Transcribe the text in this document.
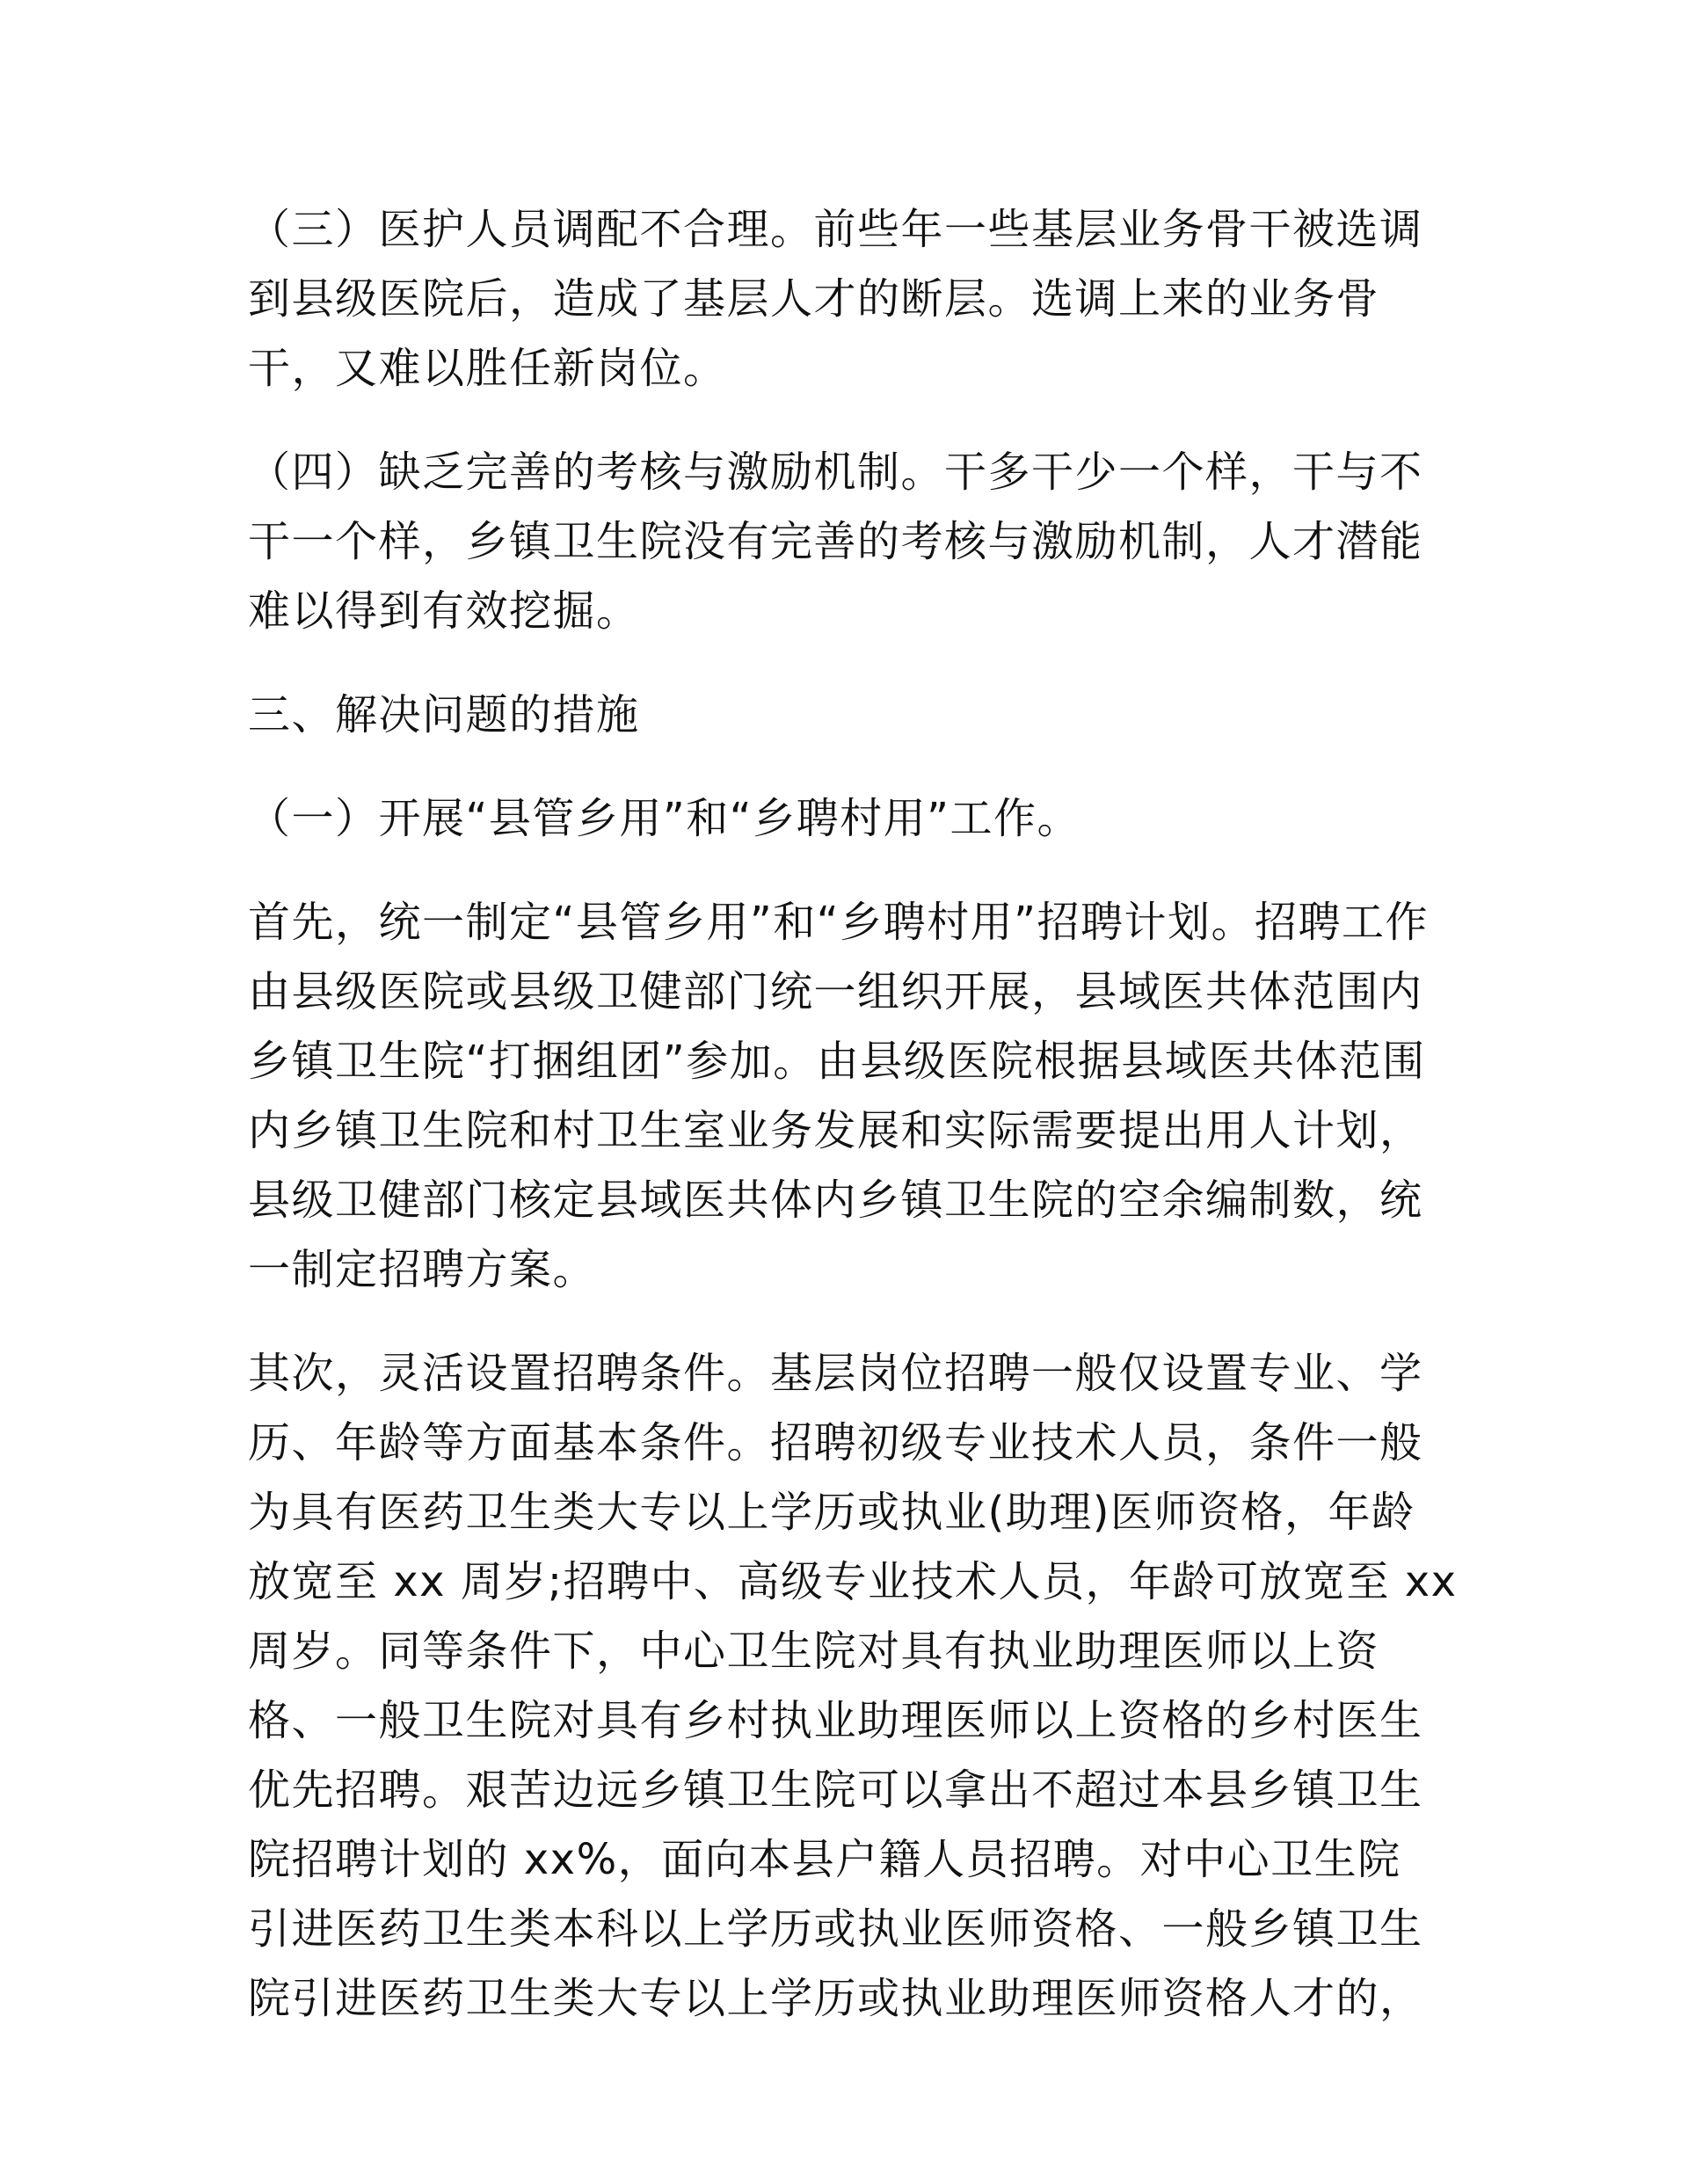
（三）医护人员调配不合理。前些年一些基层业务骨干被选调
到县级医院后，造成了基层人才的断层。选调上来的业务骨
干，又难以胜任新岗位。

（四）缺乏完善的考核与激励机制。干多干少一个样，干与不
干一个样，乡镇卫生院没有完善的考核与激励机制，人才潜能
难以得到有效挖掘。

三、解决问题的措施

（一）开展“县管乡用”和“乡聘村用”工作。

首先，统一制定“县管乡用”和“乡聘村用”招聘计划。招聘工作
由县级医院或县级卫健部门统一组织开展，县域医共体范围内
乡镇卫生院“打捆组团”参加。由县级医院根据县域医共体范围
内乡镇卫生院和村卫生室业务发展和实际需要提出用人计划，
县级卫健部门核定县域医共体内乡镇卫生院的空余编制数，统
一制定招聘方案。

其次，灵活设置招聘条件。基层岗位招聘一般仅设置专业、学
历、年龄等方面基本条件。招聘初级专业技术人员，条件一般
为具有医药卫生类大专以上学历或执业(助理)医师资格，年龄
放宽至 xx 周岁;招聘中、高级专业技术人员，年龄可放宽至 xx
周岁。同等条件下，中心卫生院对具有执业助理医师以上资
格、一般卫生院对具有乡村执业助理医师以上资格的乡村医生
优先招聘。艰苦边远乡镇卫生院可以拿出不超过本县乡镇卫生
院招聘计划的 xx%，面向本县户籍人员招聘。对中心卫生院
引进医药卫生类本科以上学历或执业医师资格、一般乡镇卫生
院引进医药卫生类大专以上学历或执业助理医师资格人才的，
